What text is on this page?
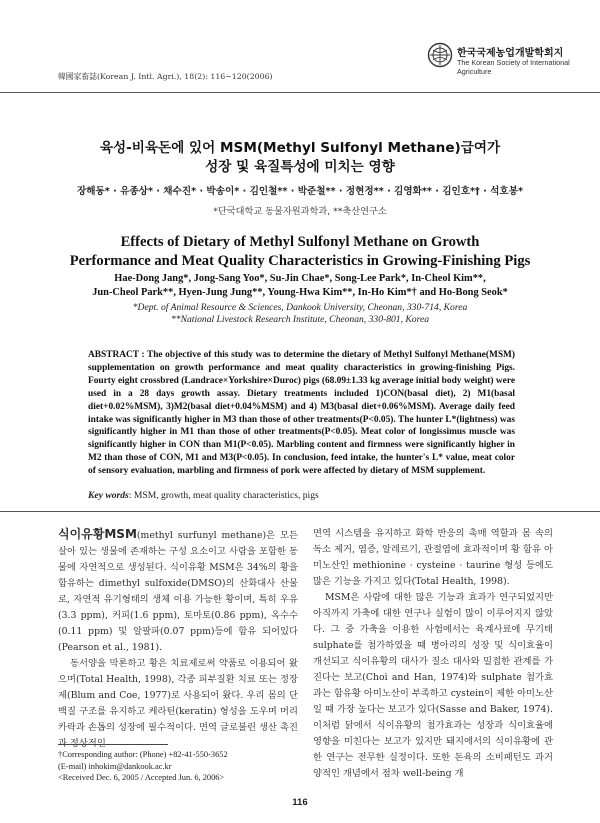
韓國家畜誌(Korean J. Intl. Agri.), 18(2): 116~120(2006)
한국국제농업개발학회지
The Korean Society of International Agriculture
육성-비육돈에 있어 MSM(Methyl Sulfonyl Methane)급여가
성장 및 육질특성에 미치는 영향
장해동* · 유종상* · 채수진* · 박송이* · 김인철** · 박준철** · 정현정** · 김영화** · 김인호*† · 석호봉*
*단국대학교 동물자원과학과, **축산연구소
Effects of Dietary of Methyl Sulfonyl Methane on Growth
Performance and Meat Quality Characteristics in Growing-Finishing Pigs
Hae-Dong Jang*, Jong-Sang Yoo*, Su-Jin Chae*, Song-Lee Park*, In-Cheol Kim**,
Jun-Cheol Park**, Hyen-Jung Jung**, Young-Hwa Kim**, In-Ho Kim*† and Ho-Bong Seok*
*Dept. of Animal Resource & Sciences, Dankook University, Cheonan, 330-714, Korea
**National Livestock Research Institute, Cheonan, 330-801, Korea
ABSTRACT : The objective of this study was to determine the dietary of Methyl Sulfonyl Methane(MSM) supplementation on growth performance and meat quality characteristics in growing-finishing Pigs. Fourty eight crossbred (Landrace×Yorkshire×Duroc) pigs (68.09±1.33 kg average initial body weight) were used in a 28 days growth assay. Dietary treatments included 1)CON(basal diet), 2) M1(basal diet+0.02%MSM), 3)M2(basal diet+0.04%MSM) and 4) M3(basal diet+0.06%MSM). Average daily feed intake was significantly higher in M3 than those of other treatments(P<0.05). The hunter L*(lightness) was significantly higher in M1 than those of other treatments(P<0.05). Meat color of longissimus muscle was significantly higher in CON than M1(P<0.05). Marbling content and firmness were significantly higher in M2 than those of CON, M1 and M3(P<0.05). In conclusion, feed intake, the hunter's L* value, meat color of sensory evaluation, marbling and firmness of pork were affected by dietary of MSM supplement.
Key words: MSM, growth, meat quality characteristics, pigs

식이유황MSM(methyl surfunyl methane)은 모든 살아 있는 생물에 존재하는 구성 요소이고 사람을 포함한 동물에 자연적으로 생성된다. 식이유황 MSM은 34%의 황을 함유하는 dimethyl sulfoxide(DMSO)의 산화대사 산물로, 자연적 유기형태의 생체 이용 가능한 황이며, 특히 우유(3.3 ppm), 커피(1.6 ppm), 토마토(0.86 ppm), 옥수수(0.11 ppm) 및 알팔파(0.07 ppm)등에 함유 되어있다(Pearson et al., 1981).

동서양을 막론하고 황은 치료제로써 약품로 이용되어 왔으며(Total Health, 1998), 각종 피부질환 치료 또는 정장제(Blum and Coe, 1977)로 사용되어 왔다. 우리 몸의 단백질 구조를 유지하고 케라틴(keratin) 형성을 도우며 머리카락과 손톱의 성장에 필수적이다. 면역 글로불린 생산 촉진

면역 시스템을 유지하고 화학 반응의 촉매 역할과 몸 속의 독소 제거, 염증, 알레르기, 관절염에 효과적이며 황 함유 아미노산인 methionine · cysteine · taurine 형성 등에도 많은 기능을 가지고 있다(Total Health, 1998).

MSM은 사람에 대한 많은 기능과 효과가 연구되었지만 아직까지 가축에 대한 연구나 실험이 많이 이루어지지 않았다. 그 중 가축을 이용한 사험에서는 육계사료에 무기태 sulphate를 첨가하였을 때 병아리의 성장 및 식이효율이 개선되고 식이유황의 대사가 질소 대사와 밀접한 관계를 가진다는 보고(Choi and Han, 1974)와 sulphate 첨가효과는 함유황 아미노산이 부족하고 cystein이 제한 아미노산일 때 가장 높다는 보고가 있다(Sasse and Baker, 1974). 이처럼 닭에서 식이유황의 첨가효과는 성장과 식이효율에 영향을 미친다는 보고가 있지만 돼지에서의 식이유황에 관한 연구는 전무한 실정이다. 또한 돈육의 소비패턴도 과거 양적인 개념에서 점차 well-being 개

†Corresponding author: (Phone) +82-41-550-3652
(E-mail) inhokim@dankook.ac.kr
<Received Dec. 6, 2005 / Accepted Jun. 6, 2006>
116
